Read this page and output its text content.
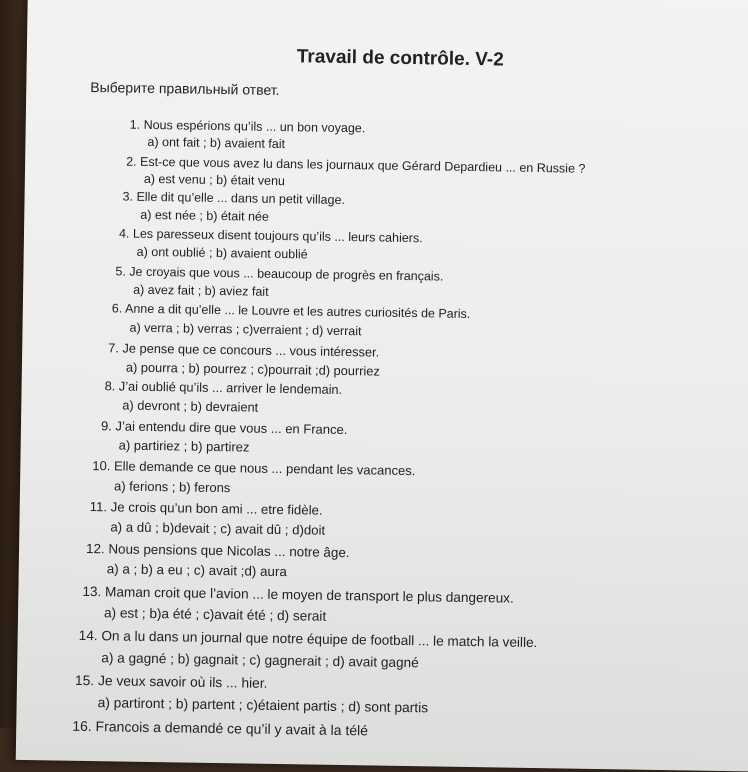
Travail de contrôle. V-2
Выберите правильный ответ.
1. Nous espérions qu’ils ... un bon voyage.
a) ont fait ; b) avaient fait
2. Est-ce que vous avez lu dans les journaux que Gérard Depardieu ... en Russie ?
a) est venu ; b) était venu
3. Elle dit qu’elle ... dans un petit village.
a) est née ; b) était née
4. Les paresseux disent toujours qu’ils ... leurs cahiers.
a) ont oublié ; b) avaient oublié
5. Je croyais que vous ... beaucoup de progrès en français.
a) avez fait ; b) aviez fait
6. Anne a dit qu’elle ... le Louvre et les autres curiosités de Paris.
a) verra ; b) verras ; c)verraient ; d) verrait
7. Je pense que ce concours ... vous intéresser.
a) pourra ; b) pourrez ; c)pourrait ;d) pourriez
8. J’ai oublié qu’ils ... arriver le lendemain.
a) devront ; b) devraient
9. J’ai entendu dire que vous ... en France.
a) partiriez ; b) partirez
10. Elle demande ce que nous ... pendant les vacances.
a) ferions ; b) ferons
11. Je crois qu’un bon ami ... etre fidèle.
a) a dû ; b)devait ; c) avait dû ; d)doit
12. Nous pensions que Nicolas ... notre âge.
a) a ; b) a eu ; c) avait ;d) aura
13. Maman croit que l’avion ... le moyen de transport le plus dangereux.
a) est ; b)a été ; c)avait été ; d) serait
14. On a lu dans un journal que notre équipe de football ... le match la veille.
a) a gagné ; b) gagnait ; c) gagnerait ; d) avait gagné
15. Je veux savoir où ils ... hier.
a) partiront ; b) partent ; c)étaient partis ; d) sont partis
16. Francois a demandé ce qu’il y avait à la télé
